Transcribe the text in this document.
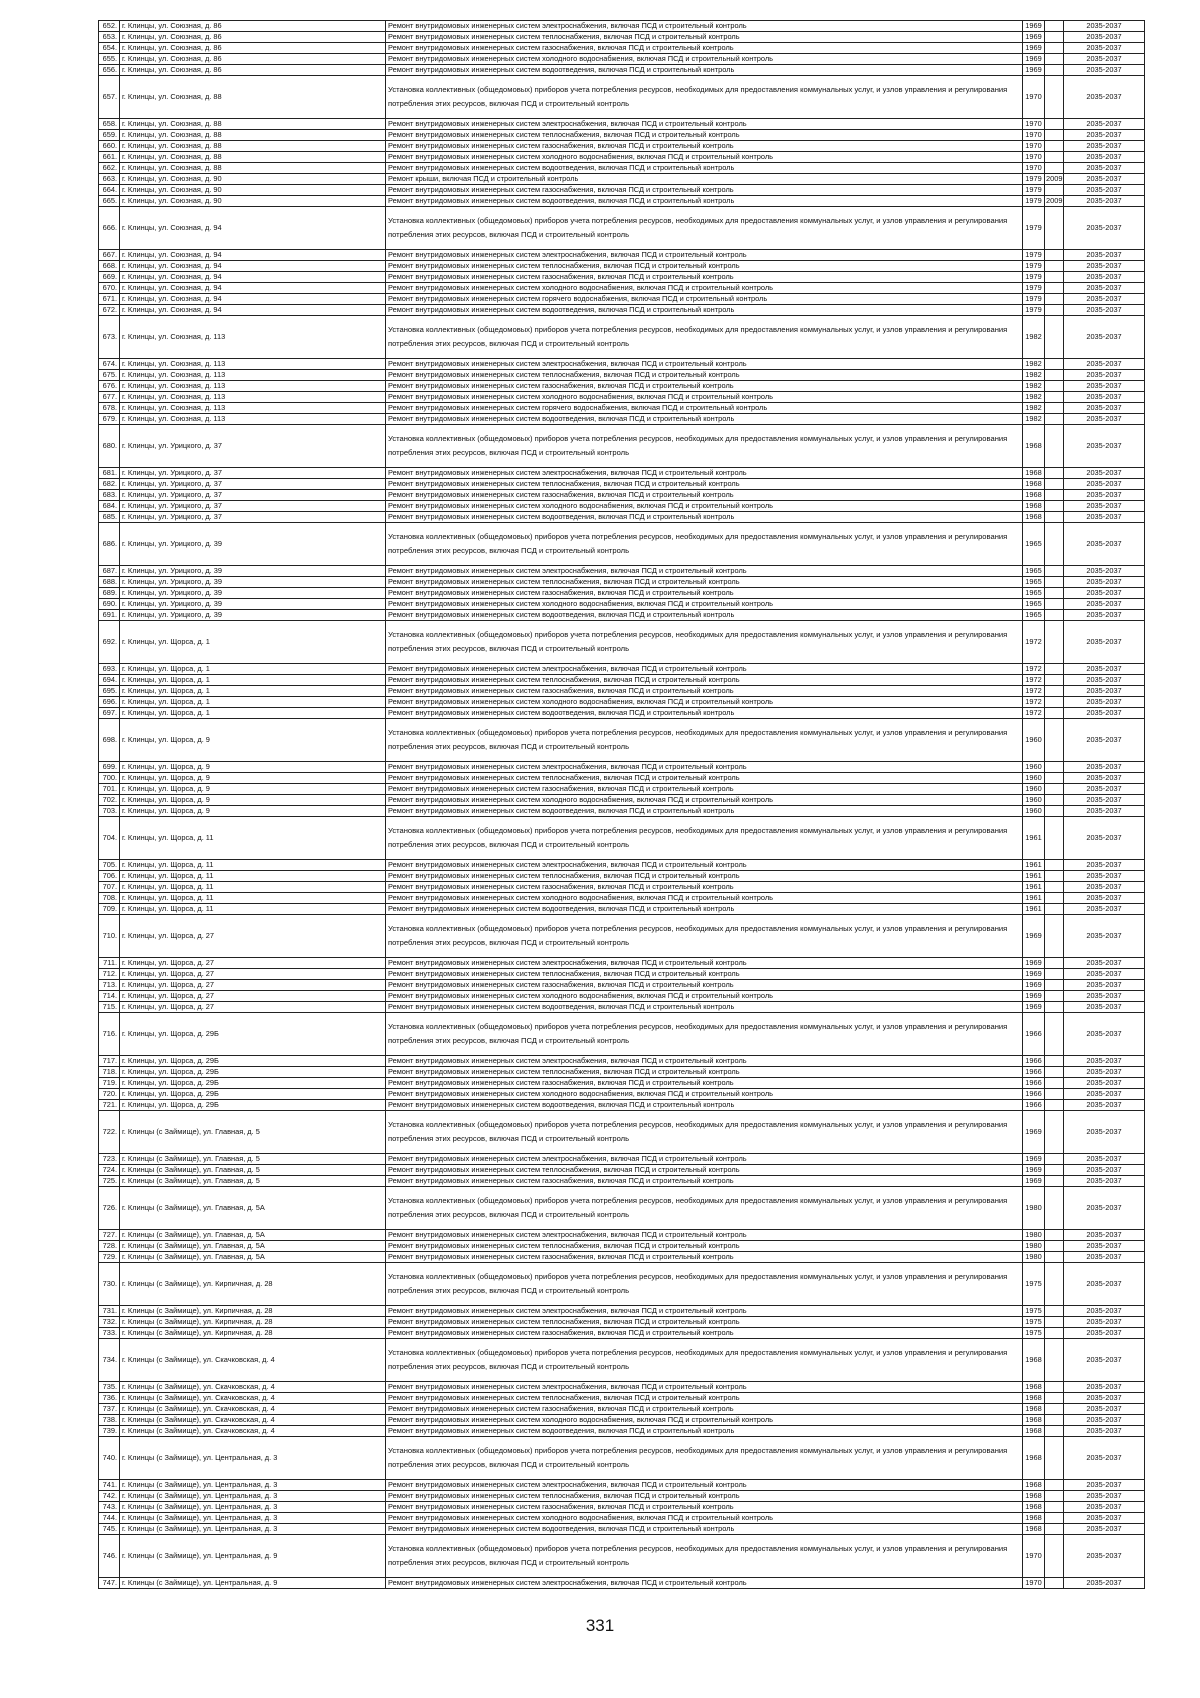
652.	г. Клинцы, ул. Союзная, д. 86	Ремонт внутридомовых инженерных систем электроснабжения, включая ПСД и строительный контроль	1969		2035-2037
653.	г. Клинцы, ул. Союзная, д. 86	Ремонт внутридомовых инженерных систем теплоснабжения, включая ПСД и строительный контроль	1969		2035-2037
654.	г. Клинцы, ул. Союзная, д. 86	Ремонт внутридомовых инженерных систем газоснабжения, включая ПСД и строительный контроль	1969		2035-2037
655.	г. Клинцы, ул. Союзная, д. 86	Ремонт внутридомовых инженерных систем холодного водоснабжения, включая ПСД и строительный контроль	1969		2035-2037
656.	г. Клинцы, ул. Союзная, д. 86	Ремонт внутридомовых инженерных систем водоотведения, включая ПСД и строительный контроль	1969		2035-2037
657.	г. Клинцы, ул. Союзная, д. 88	Установка коллективных (общедомовых) приборов учета потребления ресурсов, необходимых для предоставления коммунальных услуг, и узлов управления и регулирования потребления этих ресурсов, включая ПСД и строительный контроль	1970		2035-2037
658.	г. Клинцы, ул. Союзная, д. 88	Ремонт внутридомовых инженерных систем электроснабжения, включая ПСД и строительный контроль	1970		2035-2037
659.	г. Клинцы, ул. Союзная, д. 88	Ремонт внутридомовых инженерных систем теплоснабжения, включая ПСД и строительный контроль	1970		2035-2037
660.	г. Клинцы, ул. Союзная, д. 88	Ремонт внутридомовых инженерных систем газоснабжения, включая ПСД и строительный контроль	1970		2035-2037
661.	г. Клинцы, ул. Союзная, д. 88	Ремонт внутридомовых инженерных систем холодного водоснабжения, включая ПСД и строительный контроль	1970		2035-2037
662.	г. Клинцы, ул. Союзная, д. 88	Ремонт внутридомовых инженерных систем водоотведения, включая ПСД и строительный контроль	1970		2035-2037
663.	г. Клинцы, ул. Союзная, д. 90	Ремонт крыши, включая ПСД и строительный контроль	1979	2009	2035-2037
664.	г. Клинцы, ул. Союзная, д. 90	Ремонт внутридомовых инженерных систем газоснабжения, включая ПСД и строительный контроль	1979		2035-2037
665.	г. Клинцы, ул. Союзная, д. 90	Ремонт внутридомовых инженерных систем водоотведения, включая ПСД и строительный контроль	1979	2009	2035-2037
666.	г. Клинцы, ул. Союзная, д. 94	Установка коллективных (общедомовых) приборов учета потребления ресурсов, необходимых для предоставления коммунальных услуг, и узлов управления и регулирования потребления этих ресурсов, включая ПСД и строительный контроль	1979		2035-2037
667.	г. Клинцы, ул. Союзная, д. 94	Ремонт внутридомовых инженерных систем электроснабжения, включая ПСД и строительный контроль	1979		2035-2037
668.	г. Клинцы, ул. Союзная, д. 94	Ремонт внутридомовых инженерных систем теплоснабжения, включая ПСД и строительный контроль	1979		2035-2037
669.	г. Клинцы, ул. Союзная, д. 94	Ремонт внутридомовых инженерных систем газоснабжения, включая ПСД и строительный контроль	1979		2035-2037
670.	г. Клинцы, ул. Союзная, д. 94	Ремонт внутридомовых инженерных систем холодного водоснабжения, включая ПСД и строительный контроль	1979		2035-2037
671.	г. Клинцы, ул. Союзная, д. 94	Ремонт внутридомовых инженерных систем горячего водоснабжения, включая ПСД и строительный контроль	1979		2035-2037
672.	г. Клинцы, ул. Союзная, д. 94	Ремонт внутридомовых инженерных систем водоотведения, включая ПСД и строительный контроль	1979		2035-2037
673.	г. Клинцы, ул. Союзная, д. 113	Установка коллективных (общедомовых) приборов учета потребления ресурсов, необходимых для предоставления коммунальных услуг, и узлов управления и регулирования потребления этих ресурсов, включая ПСД и строительный контроль	1982		2035-2037
674.	г. Клинцы, ул. Союзная, д. 113	Ремонт внутридомовых инженерных систем электроснабжения, включая ПСД и строительный контроль	1982		2035-2037
675.	г. Клинцы, ул. Союзная, д. 113	Ремонт внутридомовых инженерных систем теплоснабжения, включая ПСД и строительный контроль	1982		2035-2037
676.	г. Клинцы, ул. Союзная, д. 113	Ремонт внутридомовых инженерных систем газоснабжения, включая ПСД и строительный контроль	1982		2035-2037
677.	г. Клинцы, ул. Союзная, д. 113	Ремонт внутридомовых инженерных систем холодного водоснабжения, включая ПСД и строительный контроль	1982		2035-2037
678.	г. Клинцы, ул. Союзная, д. 113	Ремонт внутридомовых инженерных систем горячего водоснабжения, включая ПСД и строительный контроль	1982		2035-2037
679.	г. Клинцы, ул. Союзная, д. 113	Ремонт внутридомовых инженерных систем водоотведения, включая ПСД и строительный контроль	1982		2035-2037
680.	г. Клинцы, ул. Урицкого, д. 37	Установка коллективных (общедомовых) приборов учета потребления ресурсов, необходимых для предоставления коммунальных услуг, и узлов управления и регулирования потребления этих ресурсов, включая ПСД и строительный контроль	1968		2035-2037
681.	г. Клинцы, ул. Урицкого, д. 37	Ремонт внутридомовых инженерных систем электроснабжения, включая ПСД и строительный контроль	1968		2035-2037
682.	г. Клинцы, ул. Урицкого, д. 37	Ремонт внутридомовых инженерных систем теплоснабжения, включая ПСД и строительный контроль	1968		2035-2037
683.	г. Клинцы, ул. Урицкого, д. 37	Ремонт внутридомовых инженерных систем газоснабжения, включая ПСД и строительный контроль	1968		2035-2037
684.	г. Клинцы, ул. Урицкого, д. 37	Ремонт внутридомовых инженерных систем холодного водоснабжения, включая ПСД и строительный контроль	1968		2035-2037
685.	г. Клинцы, ул. Урицкого, д. 37	Ремонт внутридомовых инженерных систем водоотведения, включая ПСД и строительный контроль	1968		2035-2037
686.	г. Клинцы, ул. Урицкого, д. 39	Установка коллективных (общедомовых) приборов учета потребления ресурсов, необходимых для предоставления коммунальных услуг, и узлов управления и регулирования потребления этих ресурсов, включая ПСД и строительный контроль	1965		2035-2037
687.	г. Клинцы, ул. Урицкого, д. 39	Ремонт внутридомовых инженерных систем электроснабжения, включая ПСД и строительный контроль	1965		2035-2037
688.	г. Клинцы, ул. Урицкого, д. 39	Ремонт внутридомовых инженерных систем теплоснабжения, включая ПСД и строительный контроль	1965		2035-2037
689.	г. Клинцы, ул. Урицкого, д. 39	Ремонт внутридомовых инженерных систем газоснабжения, включая ПСД и строительный контроль	1965		2035-2037
690.	г. Клинцы, ул. Урицкого, д. 39	Ремонт внутридомовых инженерных систем холодного водоснабжения, включая ПСД и строительный контроль	1965		2035-2037
691.	г. Клинцы, ул. Урицкого, д. 39	Ремонт внутридомовых инженерных систем водоотведения, включая ПСД и строительный контроль	1965		2035-2037
692.	г. Клинцы, ул. Щорса, д. 1	Установка коллективных (общедомовых) приборов учета потребления ресурсов, необходимых для предоставления коммунальных услуг, и узлов управления и регулирования потребления этих ресурсов, включая ПСД и строительный контроль	1972		2035-2037
693.	г. Клинцы, ул. Щорса, д. 1	Ремонт внутридомовых инженерных систем электроснабжения, включая ПСД и строительный контроль	1972		2035-2037
694.	г. Клинцы, ул. Щорса, д. 1	Ремонт внутридомовых инженерных систем теплоснабжения, включая ПСД и строительный контроль	1972		2035-2037
695.	г. Клинцы, ул. Щорса, д. 1	Ремонт внутридомовых инженерных систем газоснабжения, включая ПСД и строительный контроль	1972		2035-2037
696.	г. Клинцы, ул. Щорса, д. 1	Ремонт внутридомовых инженерных систем холодного водоснабжения, включая ПСД и строительный контроль	1972		2035-2037
697.	г. Клинцы, ул. Щорса, д. 1	Ремонт внутридомовых инженерных систем водоотведения, включая ПСД и строительный контроль	1972		2035-2037
698.	г. Клинцы, ул. Щорса, д. 9	Установка коллективных (общедомовых) приборов учета потребления ресурсов, необходимых для предоставления коммунальных услуг, и узлов управления и регулирования потребления этих ресурсов, включая ПСД и строительный контроль	1960		2035-2037
699.	г. Клинцы, ул. Щорса, д. 9	Ремонт внутридомовых инженерных систем электроснабжения, включая ПСД и строительный контроль	1960		2035-2037
700.	г. Клинцы, ул. Щорса, д. 9	Ремонт внутридомовых инженерных систем теплоснабжения, включая ПСД и строительный контроль	1960		2035-2037
701.	г. Клинцы, ул. Щорса, д. 9	Ремонт внутридомовых инженерных систем газоснабжения, включая ПСД и строительный контроль	1960		2035-2037
702.	г. Клинцы, ул. Щорса, д. 9	Ремонт внутридомовых инженерных систем холодного водоснабжения, включая ПСД и строительный контроль	1960		2035-2037
703.	г. Клинцы, ул. Щорса, д. 9	Ремонт внутридомовых инженерных систем водоотведения, включая ПСД и строительный контроль	1960		2035-2037
704.	г. Клинцы, ул. Щорса, д. 11	Установка коллективных (общедомовых) приборов учета потребления ресурсов, необходимых для предоставления коммунальных услуг, и узлов управления и регулирования потребления этих ресурсов, включая ПСД и строительный контроль	1961		2035-2037
705.	г. Клинцы, ул. Щорса, д. 11	Ремонт внутридомовых инженерных систем электроснабжения, включая ПСД и строительный контроль	1961		2035-2037
706.	г. Клинцы, ул. Щорса, д. 11	Ремонт внутридомовых инженерных систем теплоснабжения, включая ПСД и строительный контроль	1961		2035-2037
707.	г. Клинцы, ул. Щорса, д. 11	Ремонт внутридомовых инженерных систем газоснабжения, включая ПСД и строительный контроль	1961		2035-2037
708.	г. Клинцы, ул. Щорса, д. 11	Ремонт внутридомовых инженерных систем холодного водоснабжения, включая ПСД и строительный контроль	1961		2035-2037
709.	г. Клинцы, ул. Щорса, д. 11	Ремонт внутридомовых инженерных систем водоотведения, включая ПСД и строительный контроль	1961		2035-2037
710.	г. Клинцы, ул. Щорса, д. 27	Установка коллективных (общедомовых) приборов учета потребления ресурсов, необходимых для предоставления коммунальных услуг, и узлов управления и регулирования потребления этих ресурсов, включая ПСД и строительный контроль	1969		2035-2037
711.	г. Клинцы, ул. Щорса, д. 27	Ремонт внутридомовых инженерных систем электроснабжения, включая ПСД и строительный контроль	1969		2035-2037
712.	г. Клинцы, ул. Щорса, д. 27	Ремонт внутридомовых инженерных систем теплоснабжения, включая ПСД и строительный контроль	1969		2035-2037
713.	г. Клинцы, ул. Щорса, д. 27	Ремонт внутридомовых инженерных систем газоснабжения, включая ПСД и строительный контроль	1969		2035-2037
714.	г. Клинцы, ул. Щорса, д. 27	Ремонт внутридомовых инженерных систем холодного водоснабжения, включая ПСД и строительный контроль	1969		2035-2037
715.	г. Клинцы, ул. Щорса, д. 27	Ремонт внутридомовых инженерных систем водоотведения, включая ПСД и строительный контроль	1969		2035-2037
716.	г. Клинцы, ул. Щорса, д. 29Б	Установка коллективных (общедомовых) приборов учета потребления ресурсов, необходимых для предоставления коммунальных услуг, и узлов управления и регулирования потребления этих ресурсов, включая ПСД и строительный контроль	1966		2035-2037
717.	г. Клинцы, ул. Щорса, д. 29Б	Ремонт внутридомовых инженерных систем электроснабжения, включая ПСД и строительный контроль	1966		2035-2037
718.	г. Клинцы, ул. Щорса, д. 29Б	Ремонт внутридомовых инженерных систем теплоснабжения, включая ПСД и строительный контроль	1966		2035-2037
719.	г. Клинцы, ул. Щорса, д. 29Б	Ремонт внутридомовых инженерных систем газоснабжения, включая ПСД и строительный контроль	1966		2035-2037
720.	г. Клинцы, ул. Щорса, д. 29Б	Ремонт внутридомовых инженерных систем холодного водоснабжения, включая ПСД и строительный контроль	1966		2035-2037
721.	г. Клинцы, ул. Щорса, д. 29Б	Ремонт внутридомовых инженерных систем водоотведения, включая ПСД и строительный контроль	1966		2035-2037
722.	г. Клинцы (с Займище), ул. Главная, д. 5	Установка коллективных (общедомовых) приборов учета потребления ресурсов, необходимых для предоставления коммунальных услуг, и узлов управления и регулирования потребления этих ресурсов, включая ПСД и строительный контроль	1969		2035-2037
723.	г. Клинцы (с Займище), ул. Главная, д. 5	Ремонт внутридомовых инженерных систем электроснабжения, включая ПСД и строительный контроль	1969		2035-2037
724.	г. Клинцы (с Займище), ул. Главная, д. 5	Ремонт внутридомовых инженерных систем теплоснабжения, включая ПСД и строительный контроль	1969		2035-2037
725.	г. Клинцы (с Займище), ул. Главная, д. 5	Ремонт внутридомовых инженерных систем газоснабжения, включая ПСД и строительный контроль	1969		2035-2037
726.	г. Клинцы (с Займище), ул. Главная, д. 5А	Установка коллективных (общедомовых) приборов учета потребления ресурсов, необходимых для предоставления коммунальных услуг, и узлов управления и регулирования потребления этих ресурсов, включая ПСД и строительный контроль	1980		2035-2037
727.	г. Клинцы (с Займище), ул. Главная, д. 5А	Ремонт внутридомовых инженерных систем электроснабжения, включая ПСД и строительный контроль	1980		2035-2037
728.	г. Клинцы (с Займище), ул. Главная, д. 5А	Ремонт внутридомовых инженерных систем теплоснабжения, включая ПСД и строительный контроль	1980		2035-2037
729.	г. Клинцы (с Займище), ул. Главная, д. 5А	Ремонт внутридомовых инженерных систем газоснабжения, включая ПСД и строительный контроль	1980		2035-2037
730.	г. Клинцы (с Займище), ул. Кирпичная, д. 28	Установка коллективных (общедомовых) приборов учета потребления ресурсов, необходимых для предоставления коммунальных услуг, и узлов управления и регулирования потребления этих ресурсов, включая ПСД и строительный контроль	1975		2035-2037
731.	г. Клинцы (с Займище), ул. Кирпичная, д. 28	Ремонт внутридомовых инженерных систем электроснабжения, включая ПСД и строительный контроль	1975		2035-2037
732.	г. Клинцы (с Займище), ул. Кирпичная, д. 28	Ремонт внутридомовых инженерных систем теплоснабжения, включая ПСД и строительный контроль	1975		2035-2037
733.	г. Клинцы (с Займище), ул. Кирпичная, д. 28	Ремонт внутридомовых инженерных систем газоснабжения, включая ПСД и строительный контроль	1975		2035-2037
734.	г. Клинцы (с Займище), ул. Скачковская, д. 4	Установка коллективных (общедомовых) приборов учета потребления ресурсов, необходимых для предоставления коммунальных услуг, и узлов управления и регулирования потребления этих ресурсов, включая ПСД и строительный контроль	1968		2035-2037
735.	г. Клинцы (с Займище), ул. Скачковская, д. 4	Ремонт внутридомовых инженерных систем электроснабжения, включая ПСД и строительный контроль	1968		2035-2037
736.	г. Клинцы (с Займище), ул. Скачковская, д. 4	Ремонт внутридомовых инженерных систем теплоснабжения, включая ПСД и строительный контроль	1968		2035-2037
737.	г. Клинцы (с Займище), ул. Скачковская, д. 4	Ремонт внутридомовых инженерных систем газоснабжения, включая ПСД и строительный контроль	1968		2035-2037
738.	г. Клинцы (с Займище), ул. Скачковская, д. 4	Ремонт внутридомовых инженерных систем холодного водоснабжения, включая ПСД и строительный контроль	1968		2035-2037
739.	г. Клинцы (с Займище), ул. Скачковская, д. 4	Ремонт внутридомовых инженерных систем водоотведения, включая ПСД и строительный контроль	1968		2035-2037
740.	г. Клинцы (с Займище), ул. Центральная, д. 3	Установка коллективных (общедомовых) приборов учета потребления ресурсов, необходимых для предоставления коммунальных услуг, и узлов управления и регулирования потребления этих ресурсов, включая ПСД и строительный контроль	1968		2035-2037
741.	г. Клинцы (с Займище), ул. Центральная, д. 3	Ремонт внутридомовых инженерных систем электроснабжения, включая ПСД и строительный контроль	1968		2035-2037
742.	г. Клинцы (с Займище), ул. Центральная, д. 3	Ремонт внутридомовых инженерных систем теплоснабжения, включая ПСД и строительный контроль	1968		2035-2037
743.	г. Клинцы (с Займище), ул. Центральная, д. 3	Ремонт внутридомовых инженерных систем газоснабжения, включая ПСД и строительный контроль	1968		2035-2037
744.	г. Клинцы (с Займище), ул. Центральная, д. 3	Ремонт внутридомовых инженерных систем холодного водоснабжения, включая ПСД и строительный контроль	1968		2035-2037
745.	г. Клинцы (с Займище), ул. Центральная, д. 3	Ремонт внутридомовых инженерных систем водоотведения, включая ПСД и строительный контроль	1968		2035-2037
746.	г. Клинцы (с Займище), ул. Центральная, д. 9	Установка коллективных (общедомовых) приборов учета потребления ресурсов, необходимых для предоставления коммунальных услуг, и узлов управления и регулирования потребления этих ресурсов, включая ПСД и строительный контроль	1970		2035-2037
747.	г. Клинцы (с Займище), ул. Центральная, д. 9	Ремонт внутридомовых инженерных систем электроснабжения, включая ПСД и строительный контроль	1970		2035-2037
331
